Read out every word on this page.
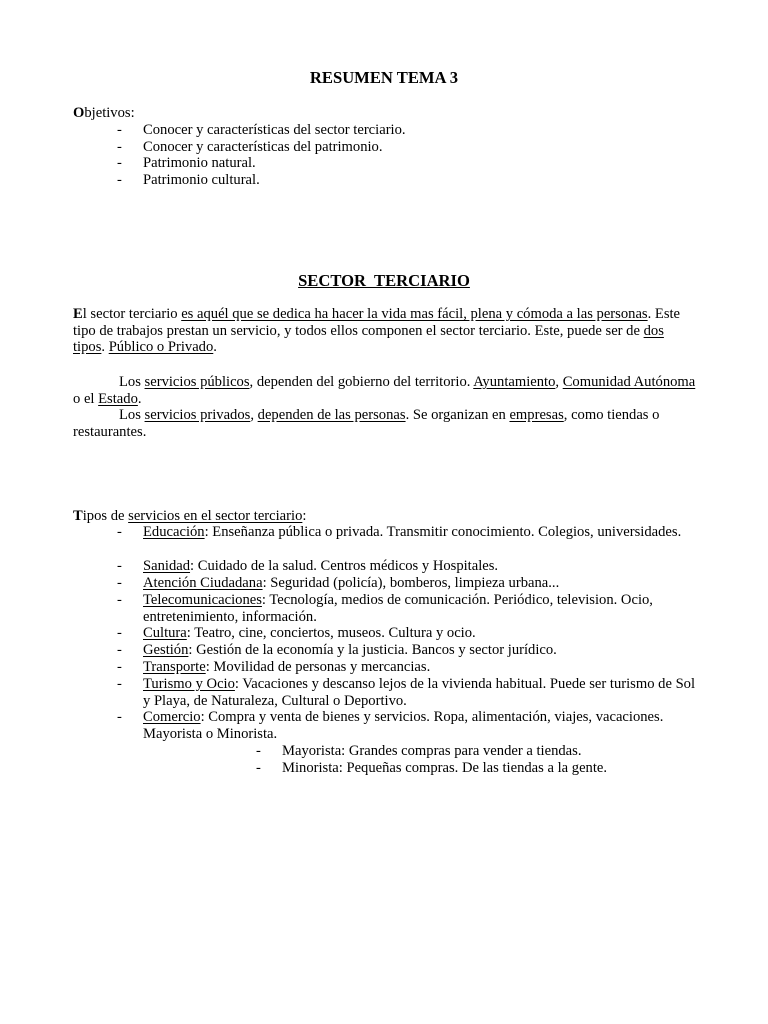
RESUMEN TEMA 3
Objetivos:
- Conocer y características del sector terciario.
- Conocer y características del patrimonio.
- Patrimonio natural.
- Patrimonio cultural.
SECTOR  TERCIARIO
El sector terciario es aquél que se dedica ha hacer la vida mas fácil, plena y cómoda a las personas. Este tipo de trabajos prestan un servicio, y todos ellos componen el sector terciario. Este, puede ser de dos tipos. Público o Privado.
Los servicios públicos, dependen del gobierno del territorio. Ayuntamiento, Comunidad Autónoma o el Estado.
Los servicios privados, dependen de las personas. Se organizan en empresas, como tiendas o restaurantes.
Tipos de servicios en el sector terciario:
- Educación: Enseñanza pública o privada. Transmitir conocimiento. Colegios, universidades.
- Sanidad: Cuidado de la salud. Centros médicos y Hospitales.
- Atención Ciudadana: Seguridad (policía), bomberos, limpieza urbana...
- Telecomunicaciones: Tecnología, medios de comunicación. Periódico, television. Ocio, entretenimiento, información.
- Cultura: Teatro, cine, conciertos, museos. Cultura y ocio.
- Gestión: Gestión de la economía y la justicia. Bancos y sector jurídico.
- Transporte: Movilidad de personas y mercancias.
- Turismo y Ocio: Vacaciones y descanso lejos de la vivienda habitual. Puede ser turismo de Sol y Playa, de Naturaleza, Cultural o Deportivo.
- Comercio: Compra y venta de bienes y servicios. Ropa, alimentación, viajes, vacaciones. Mayorista o Minorista.
- Mayorista: Grandes compras para vender a tiendas.
- Minorista: Pequeñas compras. De las tiendas a la gente.
